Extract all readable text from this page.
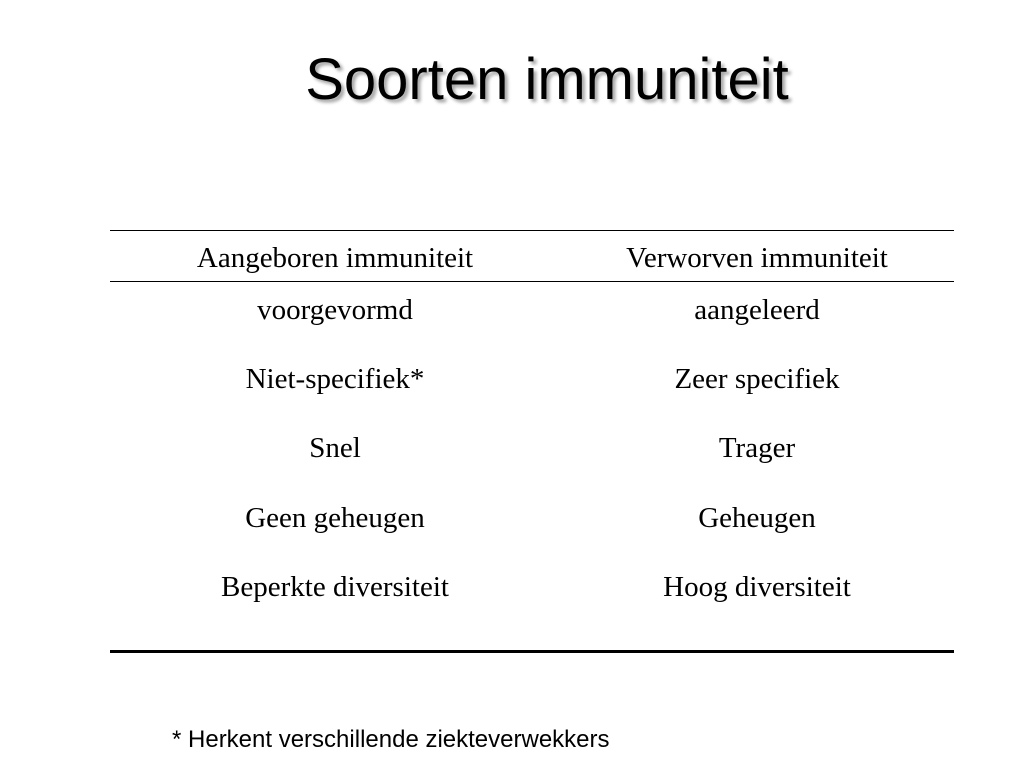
Soorten immuniteit
Aangeboren immuniteit	Verworven immuniteit
voorgevormd	aangeleerd
Niet-specifiek*	Zeer specifiek
Snel	Trager
Geen geheugen	Geheugen
Beperkte diversiteit	Hoog diversiteit
* Herkent verschillende ziekteverwekkers
